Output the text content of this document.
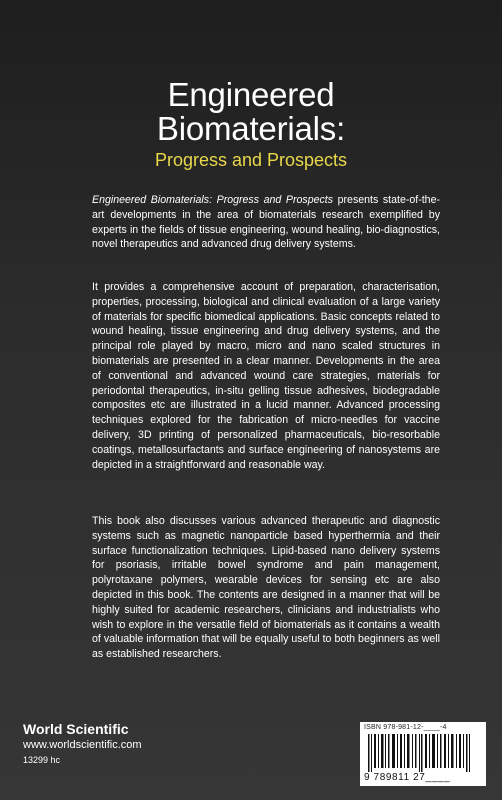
Engineered
Biomaterials:
Progress and Prospects
Engineered Biomaterials: Progress and Prospects presents state-of-the-art developments in the area of biomaterials research exemplified by experts in the fields of tissue engineering, wound healing, bio-diagnostics, novel therapeutics and advanced drug delivery systems.
It provides a comprehensive account of preparation, characterisation, properties, processing, biological and clinical evaluation of a large variety of materials for specific biomedical applications. Basic concepts related to wound healing, tissue engineering and drug delivery systems, and the principal role played by macro, micro and nano scaled structures in biomaterials are presented in a clear manner. Developments in the area of conventional and advanced wound care strategies, materials for periodontal therapeutics, in-situ gelling tissue adhesives, biodegradable composites etc are illustrated in a lucid manner. Advanced processing techniques explored for the fabrication of micro-needles for vaccine delivery, 3D printing of personalized pharmaceuticals, bio-resorbable coatings, metallosurfactants and surface engineering of nanosystems are depicted in a straightforward and reasonable way.
This book also discusses various advanced therapeutic and diagnostic systems such as magnetic nanoparticle based hyperthermia and their surface functionalization techniques. Lipid-based nano delivery systems for psoriasis, irritable bowel syndrome and pain management, polyrotaxane polymers, wearable devices for sensing etc are also depicted in this book. The contents are designed in a manner that will be highly suited for academic researchers, clinicians and industrialists who wish to explore in the versatile field of biomaterials as it contains a wealth of valuable information that will be equally useful to both beginners as well as established researchers.
World Scientific
www.worldscientific.com
13299 hc
ISBN 978-981-12-____-4
9 789811 27____
